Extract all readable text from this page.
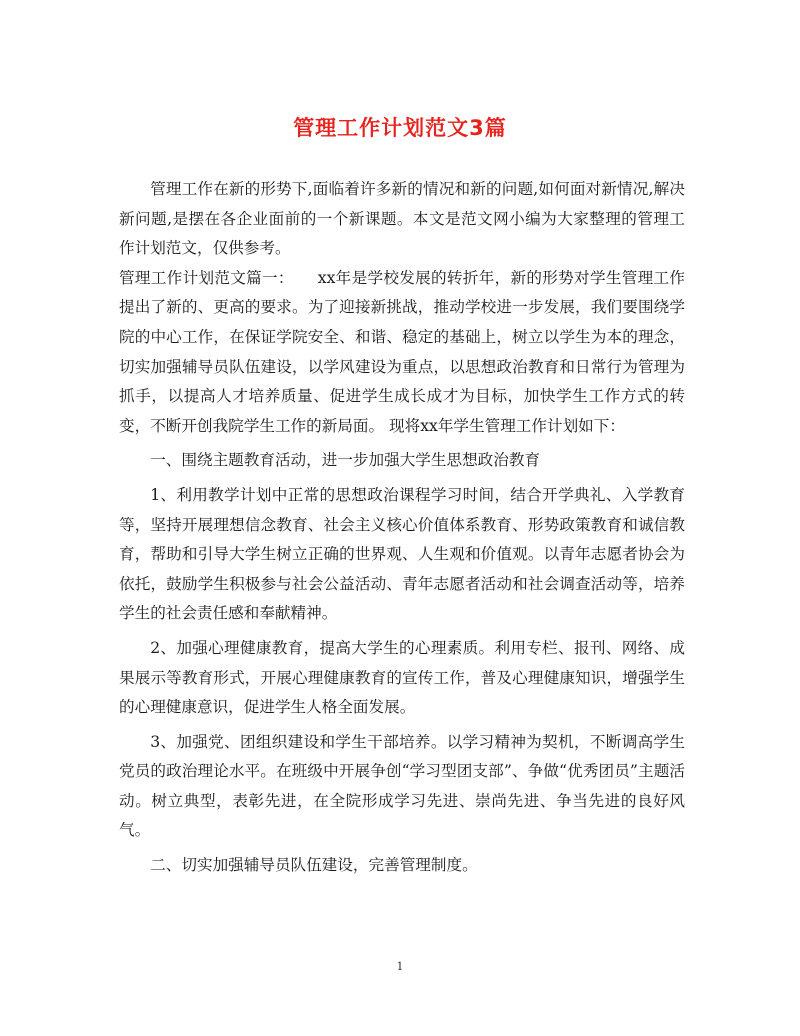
管理工作计划范文3篇

管理工作在新的形势下,面临着许多新的情况和新的问题,如何面对新情况,解决新问题,是摆在各企业面前的一个新课题。本文是范文网小编为大家整理的管理工作计划范文，仅供参考。

管理工作计划范文篇一：　　xx年是学校发展的转折年，新的形势对学生管理工作提出了新的、更高的要求。为了迎接新挑战，推动学校进一步发展，我们要围绕学院的中心工作，在保证学院安全、和谐、稳定的基础上，树立以学生为本的理念，切实加强辅导员队伍建设，以学风建设为重点，以思想政治教育和日常行为管理为抓手，以提高人才培养质量、促进学生成长成才为目标，加快学生工作方式的转变，不断开创我院学生工作的新局面。 现将xx年学生管理工作计划如下：

一、围绕主题教育活动，进一步加强大学生思想政治教育

1、利用教学计划中正常的思想政治课程学习时间，结合开学典礼、入学教育等，坚持开展理想信念教育、社会主义核心价值体系教育、形势政策教育和诚信教育，帮助和引导大学生树立正确的世界观、人生观和价值观。以青年志愿者协会为依托，鼓励学生积极参与社会公益活动、青年志愿者活动和社会调查活动等，培养学生的社会责任感和奉献精神。

2、加强心理健康教育，提高大学生的心理素质。利用专栏、报刊、网络、成果展示等教育形式，开展心理健康教育的宣传工作，普及心理健康知识，增强学生的心理健康意识，促进学生人格全面发展。

3、加强党、团组织建设和学生干部培养。以学习精神为契机，不断调高学生党员的政治理论水平。在班级中开展争创“学习型团支部”、争做“优秀团员”主题活动。树立典型，表彰先进，在全院形成学习先进、崇尚先进、争当先进的良好风气。

二、切实加强辅导员队伍建设，完善管理制度。

1
